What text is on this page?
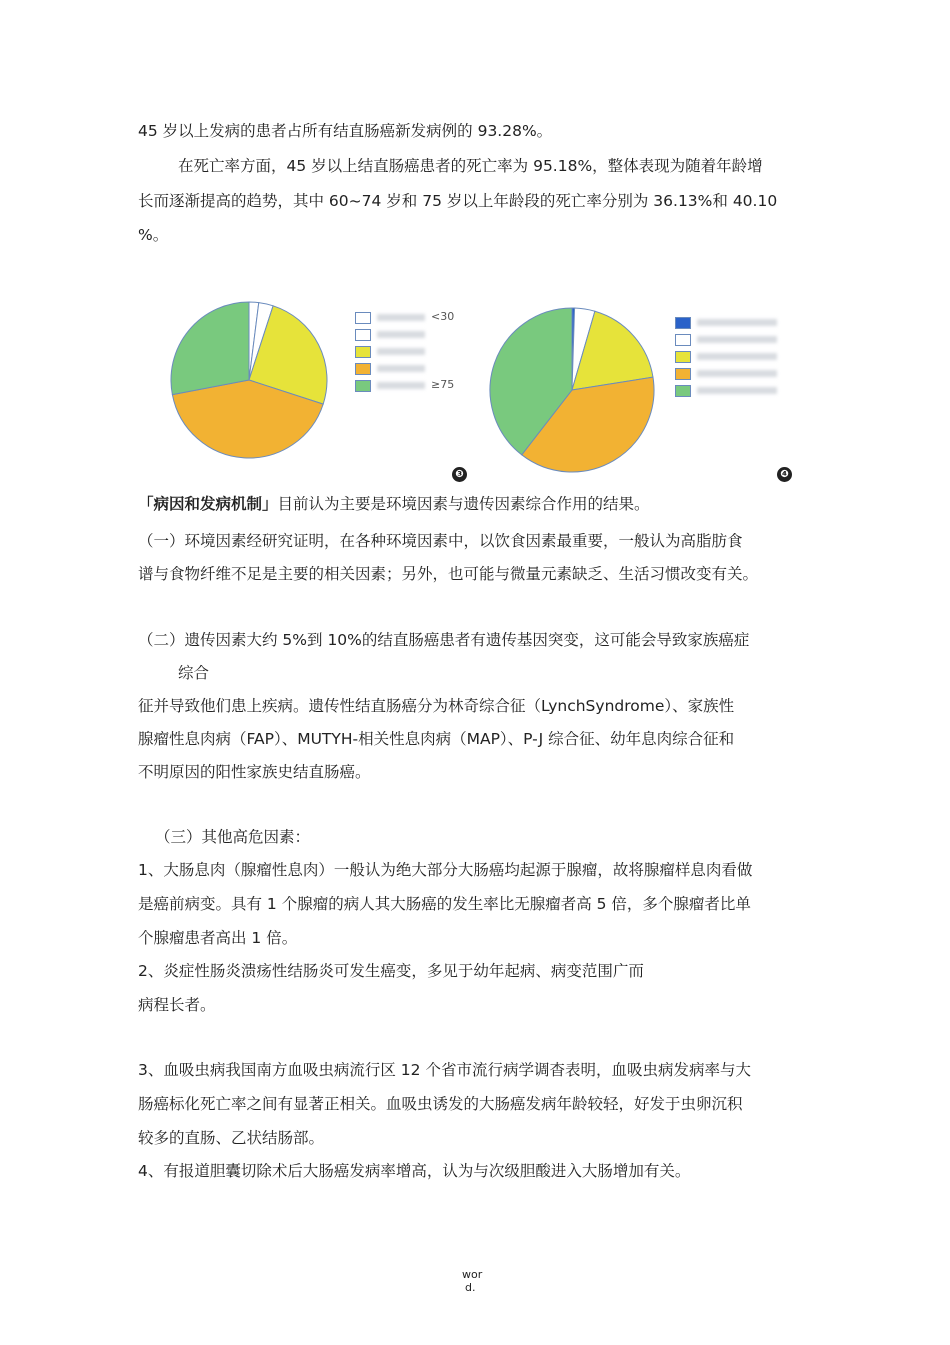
45 岁以上发病的患者占所有结直肠癌新发病例的 93.28%。
在死亡率方面，45 岁以上结直肠癌患者的死亡率为 95.18%，整体表现为随着年龄增
长而逐渐提高的趋势，其中 60~74 岁和 75 岁以上年龄段的死亡率分别为 36.13%和 40.10
%。
<30
≥75
❸	❹
「病因和发病机制」目前认为主要是环境因素与遗传因素综合作用的结果。
（一）环境因素经研究证明，在各种环境因素中，以饮食因素最重要，一般认为高脂肪食
谱与食物纤维不足是主要的相关因素；另外，也可能与微量元素缺乏、生活习惯改变有关。
（二）遗传因素大约 5%到 10%的结直肠癌患者有遗传基因突变，这可能会导致家族癌症
综合
征并导致他们患上疾病。遗传性结直肠癌分为林奇综合征（LynchSyndrome）、家族性
腺瘤性息肉病（FAP）、MUTYH-相关性息肉病（MAP）、P-J 综合征、幼年息肉综合征和
不明原因的阳性家族史结直肠癌。
（三）其他高危因素：
1、大肠息肉（腺瘤性息肉）一般认为绝大部分大肠癌均起源于腺瘤，故将腺瘤样息肉看做
是癌前病变。具有 1 个腺瘤的病人其大肠癌的发生率比无腺瘤者高 5 倍，多个腺瘤者比单
个腺瘤患者高出 1 倍。
2、炎症性肠炎溃疡性结肠炎可发生癌变，多见于幼年起病、病变范围广而
病程长者。
3、血吸虫病我国南方血吸虫病流行区 12 个省市流行病学调杳表明，血吸虫病发病率与大
肠癌标化死亡率之间有显著正相关。血吸虫诱发的大肠癌发病年龄较轻，好发于虫卵沉积
较多的直肠、乙状结肠部。
4、有报道胆囊切除术后大肠癌发病率增高，认为与次级胆酸进入大肠增加有关。
wor
d.
